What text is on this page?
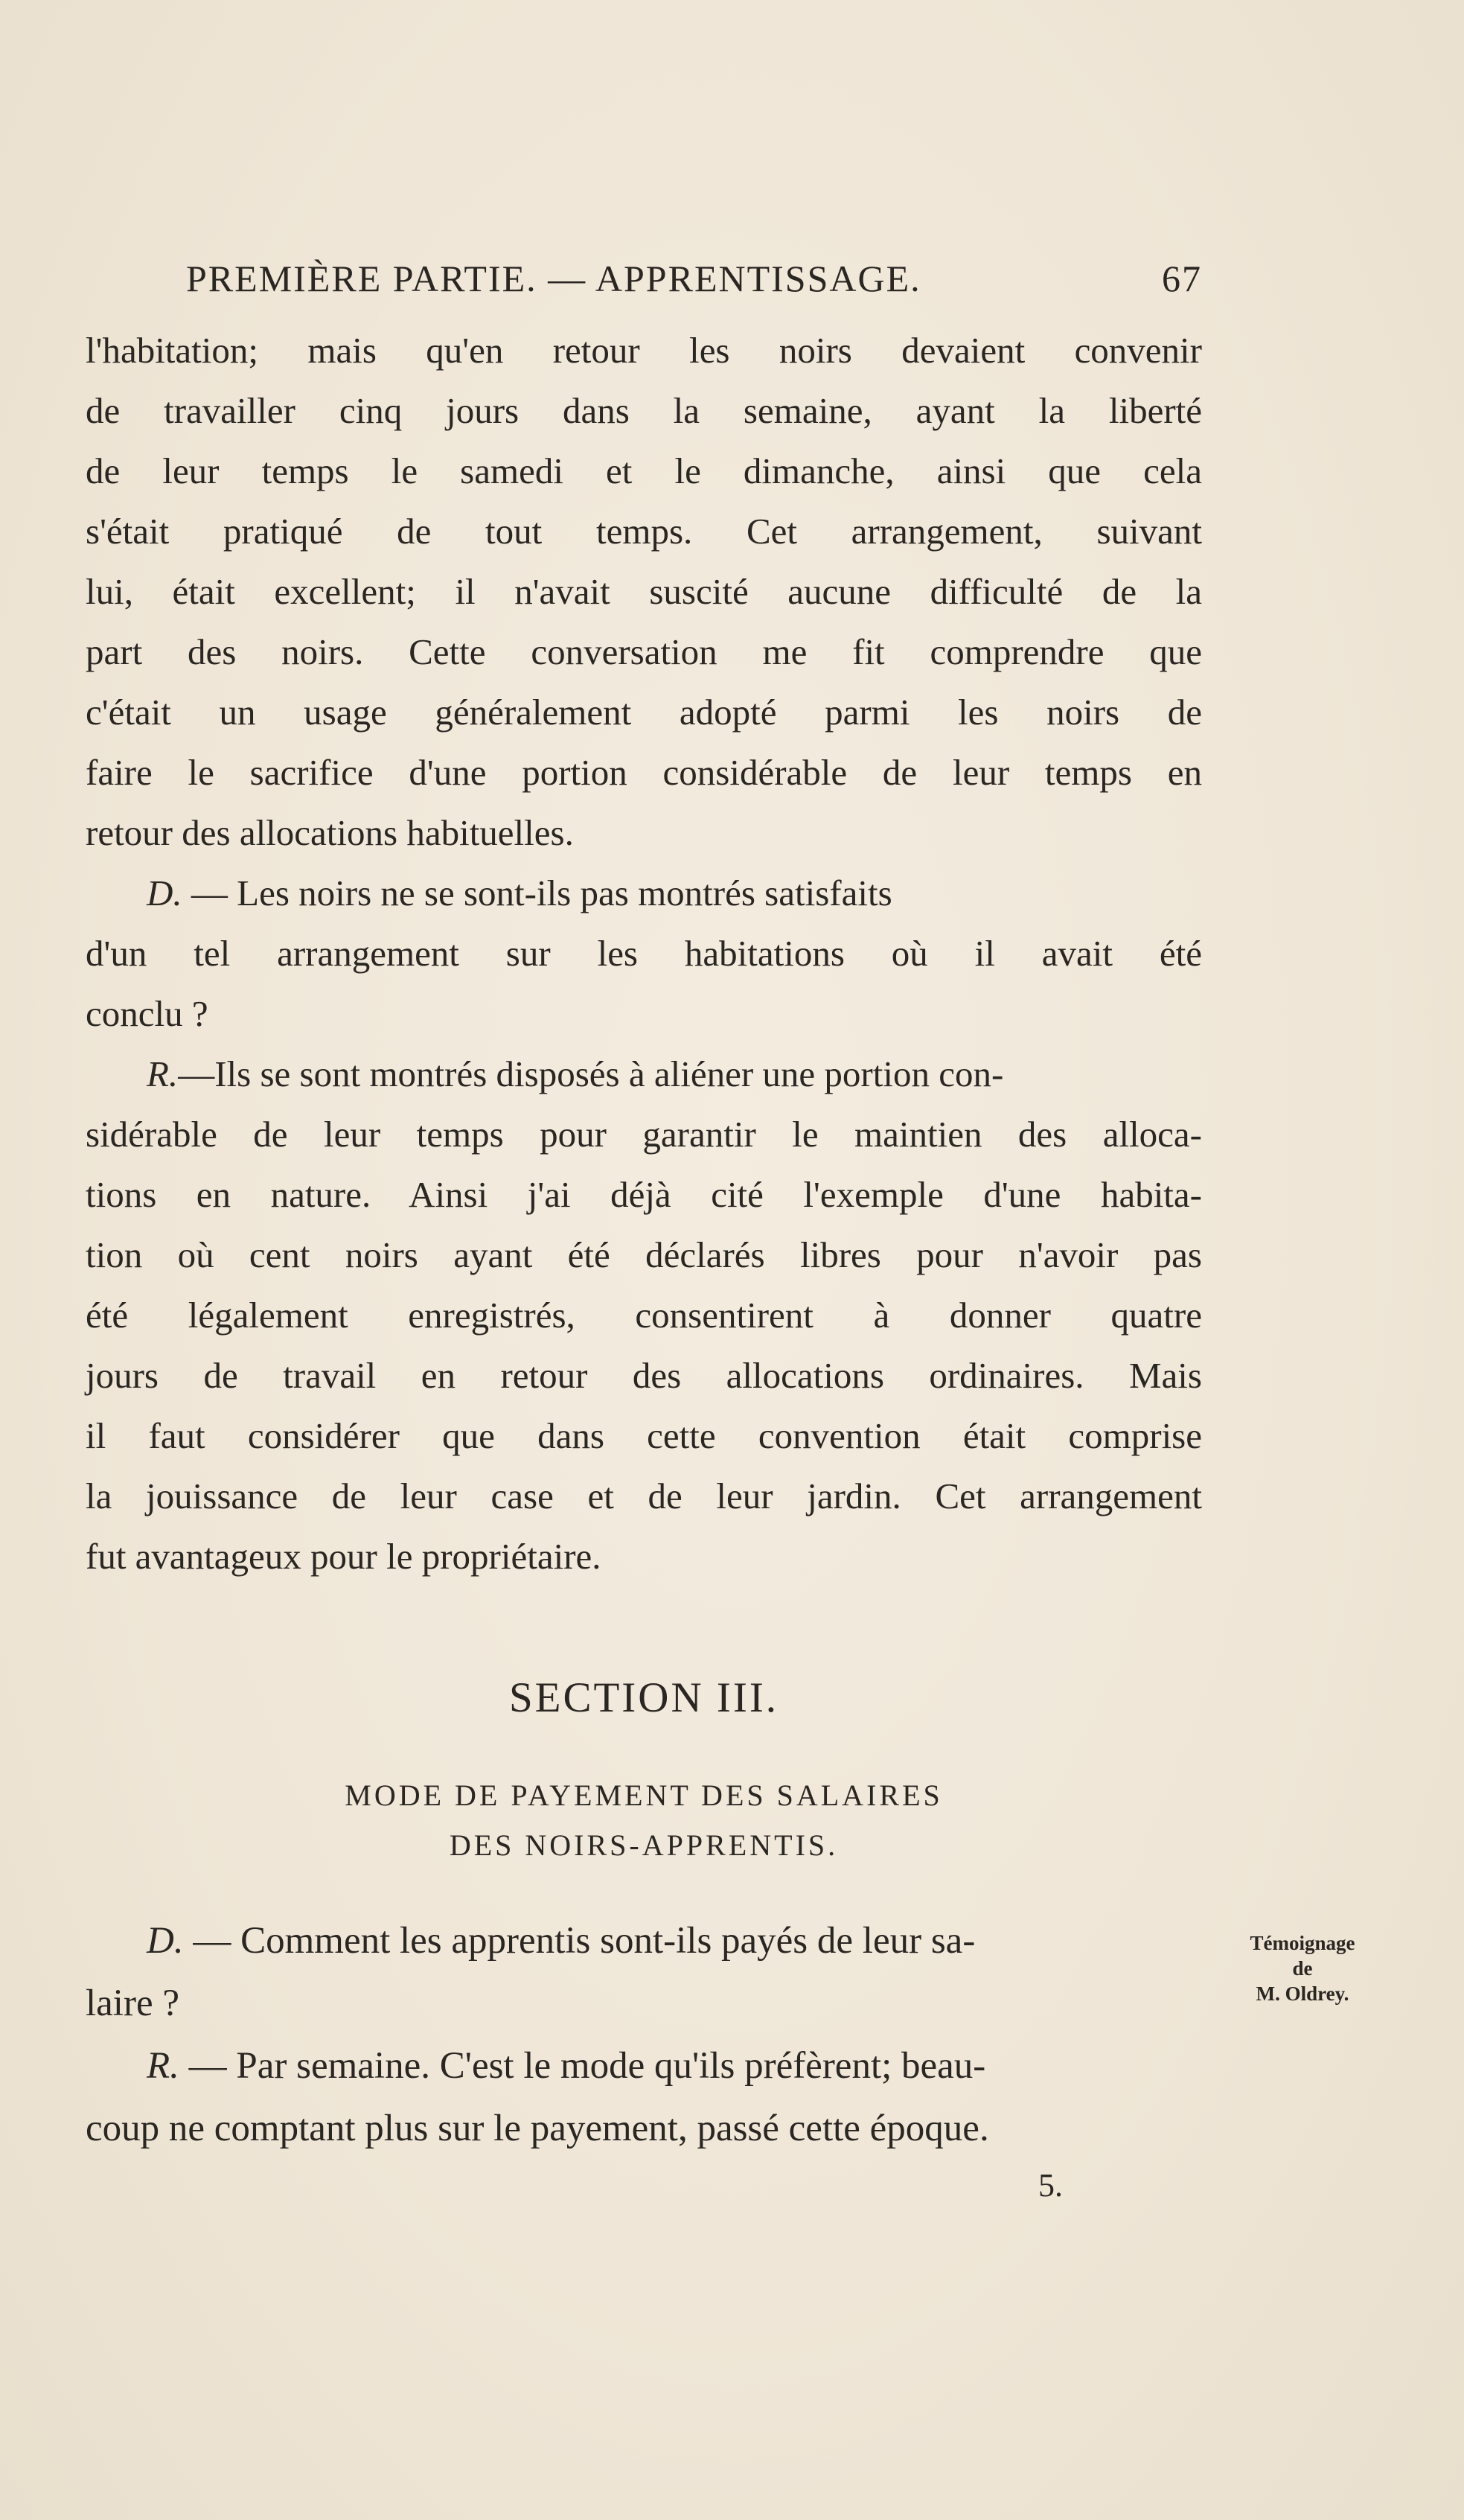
PREMIÈRE PARTIE. — APPRENTISSAGE.	67
l'habitation; mais qu'en retour les noirs devaient convenir
de travailler cinq jours dans la semaine, ayant la liberté
de leur temps le samedi et le dimanche, ainsi que cela
s'était pratiqué de tout temps. Cet arrangement, suivant
lui, était excellent; il n'avait suscité aucune difficulté de la
part des noirs. Cette conversation me fit comprendre que
c'était un usage généralement adopté parmi les noirs de
faire le sacrifice d'une portion considérable de leur temps en
retour des allocations habituelles.
D. — Les noirs ne se sont-ils pas montrés satisfaits
d'un tel arrangement sur les habitations où il avait été
conclu ?
R.—Ils se sont montrés disposés à aliéner une portion con-
sidérable de leur temps pour garantir le maintien des alloca-
tions en nature. Ainsi j'ai déjà cité l'exemple d'une habita-
tion où cent noirs ayant été déclarés libres pour n'avoir pas
été légalement enregistrés, consentirent à donner quatre
jours de travail en retour des allocations ordinaires. Mais
il faut considérer que dans cette convention était comprise
la jouissance de leur case et de leur jardin. Cet arrangement
fut avantageux pour le propriétaire.
SECTION III.
MODE DE PAYEMENT DES SALAIRES
DES NOIRS-APPRENTIS.
D. — Comment les apprentis sont-ils payés de leur sa-
laire ?
R. — Par semaine. C'est le mode qu'ils préfèrent; beau-
coup ne comptant plus sur le payement, passé cette époque.
Témoignage
de
M. Oldrey.
5.
